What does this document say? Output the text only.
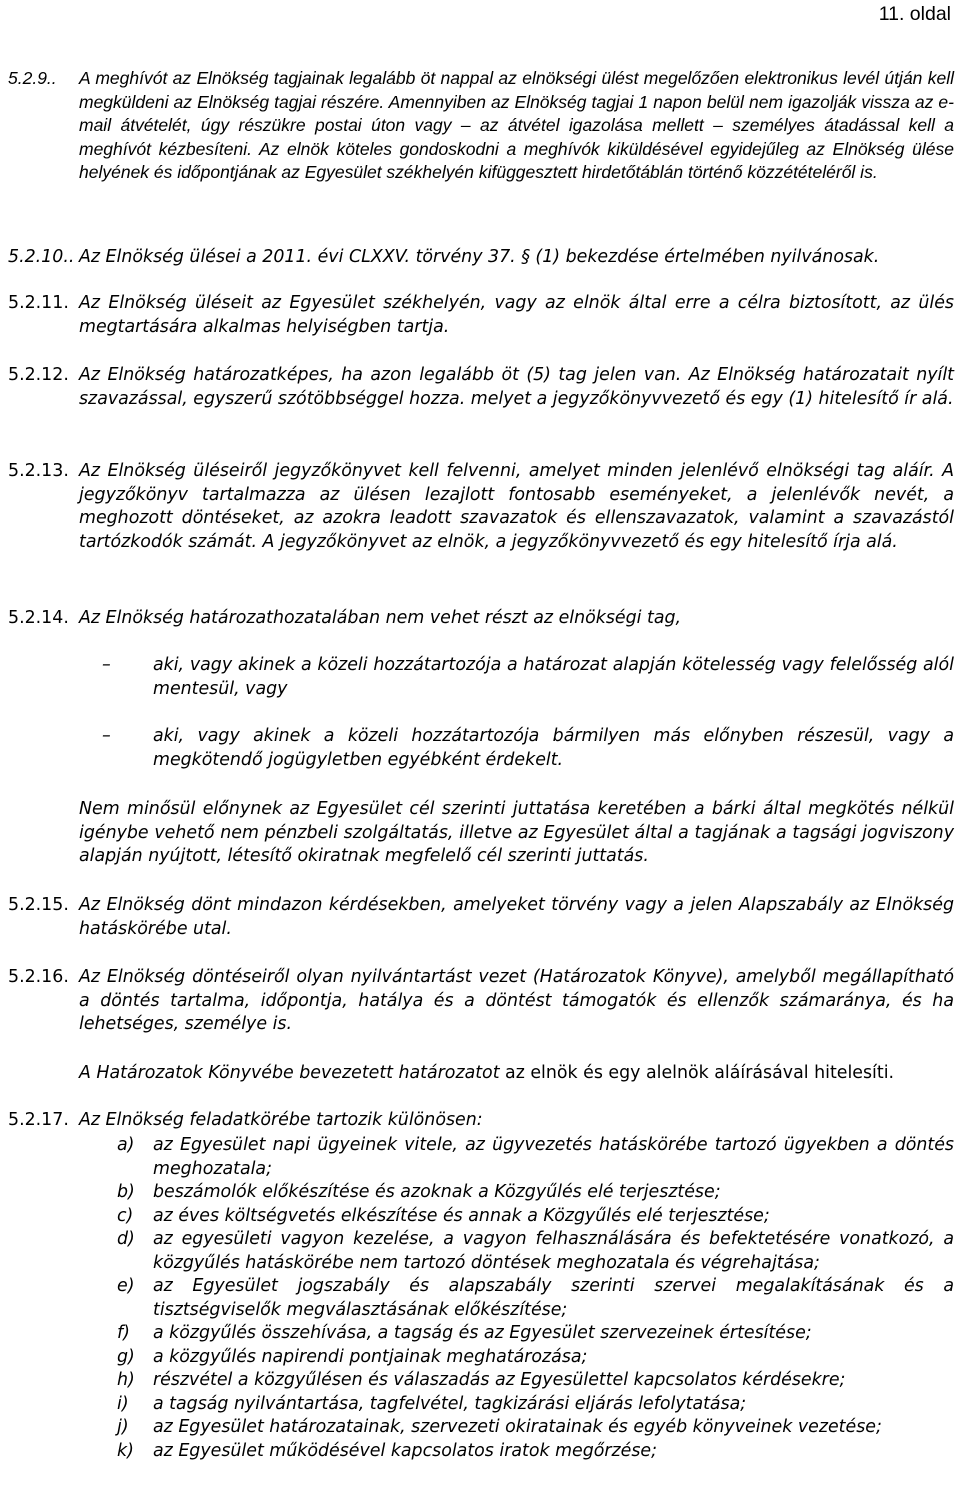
11. oldal
5.2.9..	A meghívót az Elnökség tagjainak legalább öt nappal az elnökségi ülést megelőzően elektronikus levél útján kell megküldeni az Elnökség tagjai részére. Amennyiben az Elnökség tagjai 1 napon belül nem igazolják vissza az e-mail átvételét, úgy részükre postai úton vagy – az átvétel igazolása mellett – személyes átadással kell a meghívót kézbesíteni. Az elnök köteles gondoskodni a meghívók kiküldésével egyidejűleg az Elnökség ülése helyének és időpontjának az Egyesület székhelyén kifüggesztett hirdetőtáblán történő közzétételéről is.
5.2.10.. Az Elnökség ülései a 2011. évi CLXXV. törvény 37. § (1) bekezdése értelmében nyilvánosak.
5.2.11. Az Elnökség üléseit az Egyesület székhelyén, vagy az elnök által erre a célra biztosított, az ülés megtartására alkalmas helyiségben tartja.
5.2.12. Az Elnökség határozatképes, ha azon legalább öt (5) tag jelen van. Az Elnökség határozatait nyílt szavazással, egyszerű szótöbbséggel hozza. melyet a jegyzőkönyvvezető és egy (1) hitelesítő ír alá.
5.2.13. Az Elnökség üléseiről jegyzőkönyvet kell felvenni, amelyet minden jelenlévő elnökségi tag aláír. A jegyzőkönyv tartalmazza az ülésen lezajlott fontosabb eseményeket, a jelenlévők nevét, a meghozott döntéseket, az azokra leadott szavazatok és ellenszavazatok, valamint a szavazástól tartózkodók számát. A jegyzőkönyvet az elnök, a jegyzőkönyvvezető és egy hitelesítő írja alá.
5.2.14. Az Elnökség határozathozatalában nem vehet részt az elnökségi tag,
–	aki, vagy akinek a közeli hozzátartozója a határozat alapján kötelesség vagy felelősség alól mentesül, vagy
–	aki, vagy akinek a közeli hozzátartozója bármilyen más előnyben részesül, vagy a megkötendő jogügyletben egyébként érdekelt.
Nem minősül előnynek az Egyesület cél szerinti juttatása keretében a bárki által megkötés nélkül igénybe vehető nem pénzbeli szolgáltatás, illetve az Egyesület által a tagjának a tagsági jogviszony alapján nyújtott, létesítő okiratnak megfelelő cél szerinti juttatás.
5.2.15. Az Elnökség dönt mindazon kérdésekben, amelyeket törvény vagy a jelen Alapszabály az Elnökség hatáskörébe utal.
5.2.16. Az Elnökség döntéseiről olyan nyilvántartást vezet (Határozatok Könyve), amelyből megállapítható a döntés tartalma, időpontja, hatálya és a döntést támogatók és ellenzők számaránya, és ha lehetséges, személye is.
A Határozatok Könyvébe bevezetett határozatot az elnök és egy alelnök aláírásával hitelesíti.
5.2.17. Az Elnökség feladatkörébe tartozik különösen:
a)	az Egyesület napi ügyeinek vitele, az ügyvezetés hatáskörébe tartozó ügyekben a döntés meghozatala;
b)	beszámolók előkészítése és azoknak a Közgyűlés elé terjesztése;
c)	az éves költségvetés elkészítése és annak a Közgyűlés elé terjesztése;
d)	az egyesületi vagyon kezelése, a vagyon felhasználására és befektetésére vonatkozó, a közgyűlés hatáskörébe nem tartozó döntések meghozatala és végrehajtása;
e)	az Egyesület jogszabály és alapszabály szerinti szervei megalakításának és a tisztségviselők megválasztásának előkészítése;
f)	a közgyűlés összehívása, a tagság és az Egyesület szervezeinek értesítése;
g)	a közgyűlés napirendi pontjainak meghatározása;
h)	részvétel a közgyűlésen és válaszadás az Egyesülettel kapcsolatos kérdésekre;
i)	a tagság nyilvántartása, tagfelvétel, tagkizárási eljárás lefolytatása;
j)	az Egyesület határozatainak, szervezeti okiratainak és egyéb könyveinek vezetése;
k)	az Egyesület működésével kapcsolatos iratok megőrzése;
